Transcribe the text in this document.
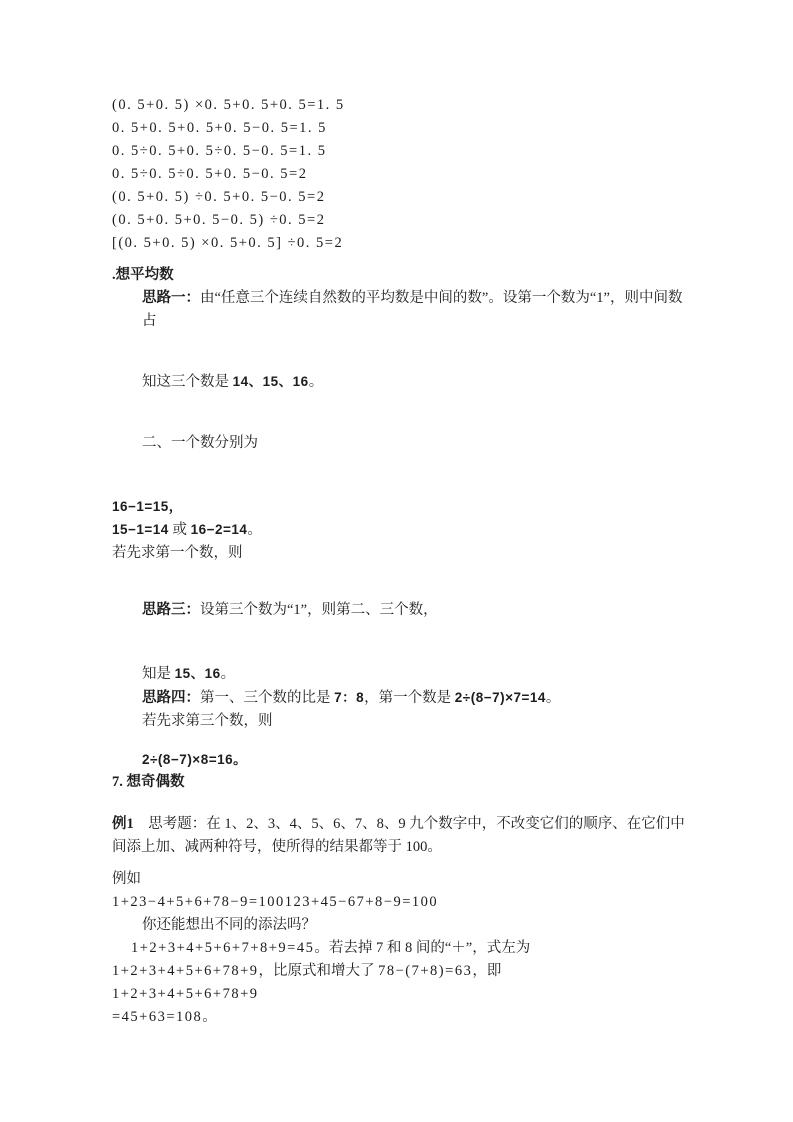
(0. 5+0. 5) ×0. 5+0. 5+0. 5=1. 5
0. 5+0. 5+0. 5+0. 5−0. 5=1. 5
0. 5÷0. 5+0. 5÷0. 5−0. 5=1. 5
0. 5÷0. 5÷0. 5+0. 5−0. 5=2
(0. 5+0. 5) ÷0. 5+0. 5−0. 5=2
(0. 5+0. 5+0. 5−0. 5) ÷0. 5=2
[(0. 5+0. 5) ×0. 5+0. 5] ÷0. 5=2

.想平均数

思路一：由“任意三个连续自然数的平均数是中间的数”。设第一个数为“1”，则中间数占

知这三个数是 14、15、16。

二、一个数分别为

16−1=15，
15−1=14 或 16−2=14。
若先求第一个数，则

思路三：设第三个数为“1”，则第二、三个数，

知是 15、16。

思路四：第一、三个数的比是 7：8，第一个数是 2÷(8−7)×7=14。

若先求第三个数，则

2÷(8−7)×8=16。

7. 想奇偶数

例1　 思考题：在 1、2、3、4、5、6、7、8、9 九个数字中，不改变它们的顺序、在它们中间添上加、减两种符号，使所得的结果都等于 100。

例如

1+23−4+5+6+78−9=100123+45−67+8−9=100

你还能想出不同的添法吗？

1+2+3+4+5+6+7+8+9=45。若去掉 7 和 8 间的“＋”，式左为 1+2+3+4+5+6+78+9，比原式和增大了 78−(7+8)=63，即

1+2+3+4+5+6+78+9
=45+63=108。
